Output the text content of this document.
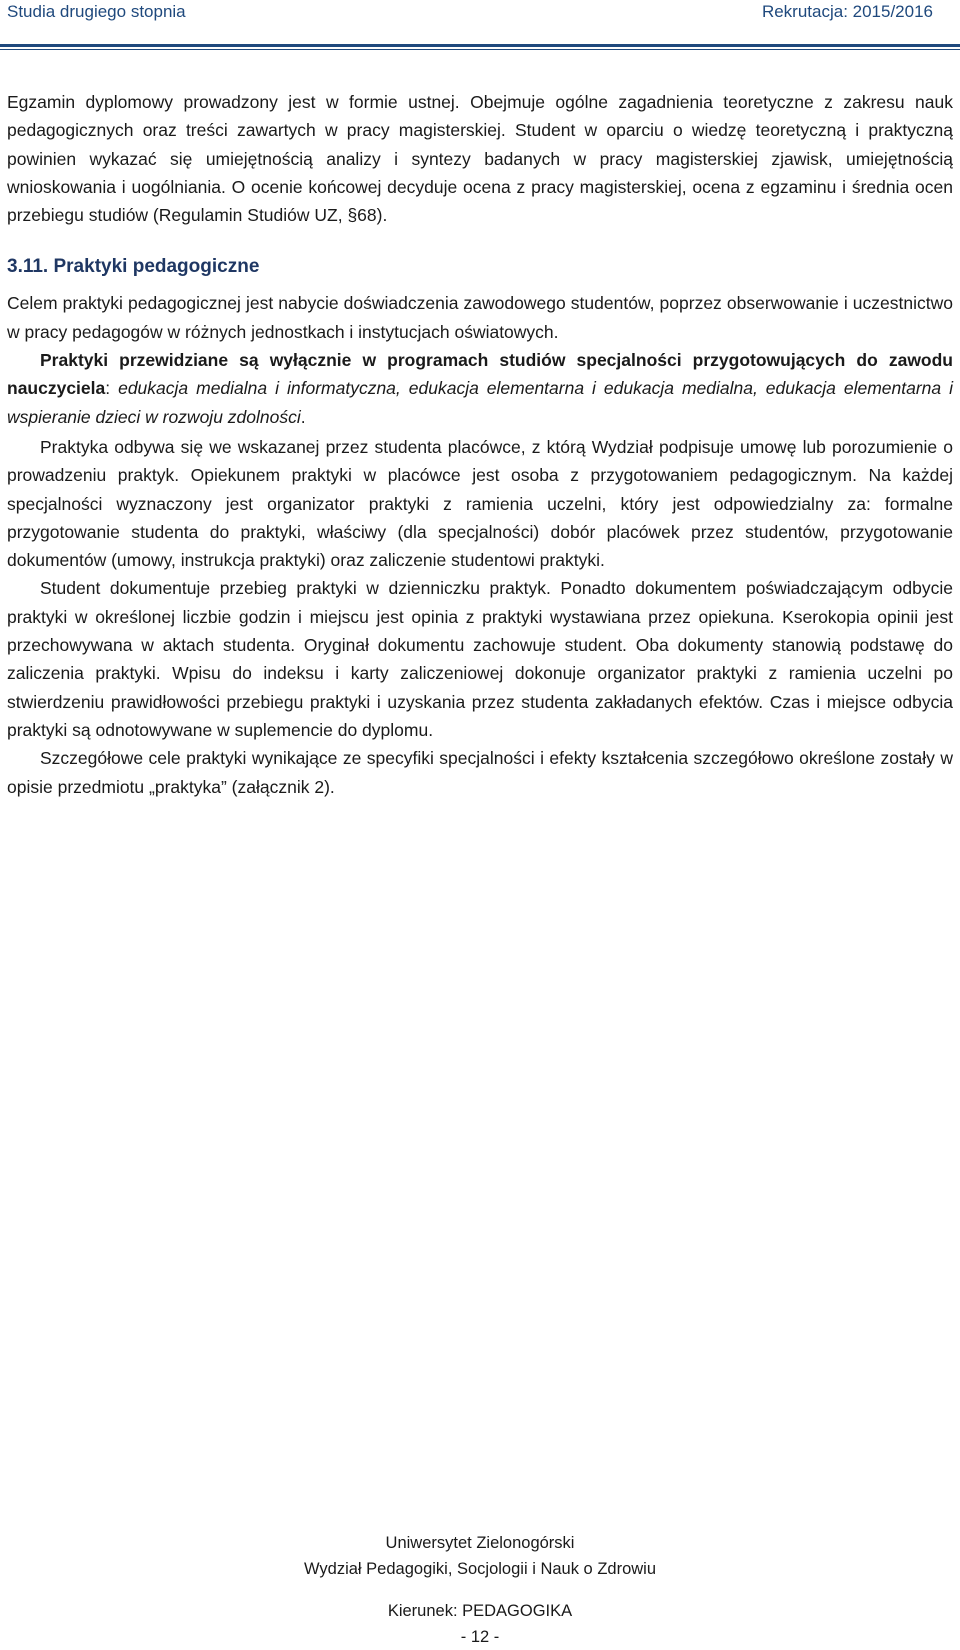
Studia drugiego stopnia	Rekrutacja: 2015/2016

Egzamin dyplomowy prowadzony jest w formie ustnej. Obejmuje ogólne zagadnienia teoretyczne z zakresu nauk pedagogicznych oraz treści zawartych w pracy magisterskiej. Student w oparciu o wiedzę teoretyczną i praktyczną powinien wykazać się umiejętnością analizy i syntezy badanych w pracy magisterskiej zjawisk, umiejętnością wnioskowania i uogólniania. O ocenie końcowej decyduje ocena z pracy magisterskiej, ocena z egzaminu i średnia ocen przebiegu studiów (Regulamin Studiów UZ, §68).

3.11. Praktyki pedagogiczne

Celem praktyki pedagogicznej jest nabycie doświadczenia zawodowego studentów, poprzez obserwowanie i uczestnictwo w pracy pedagogów w różnych jednostkach i instytucjach oświatowych.

Praktyki przewidziane są wyłącznie w programach studiów specjalności przygotowujących do zawodu nauczyciela: edukacja medialna i informatyczna, edukacja elementarna i edukacja medialna, edukacja elementarna i wspieranie dzieci w rozwoju zdolności.

Praktyka odbywa się we wskazanej przez studenta placówce, z którą Wydział podpisuje umowę lub porozumienie o prowadzeniu praktyk. Opiekunem praktyki w placówce jest osoba z przygotowaniem pedagogicznym. Na każdej specjalności wyznaczony jest organizator praktyki z ramienia uczelni, który jest odpowiedzialny za: formalne przygotowanie studenta do praktyki, właściwy (dla specjalności) dobór placówek przez studentów, przygotowanie dokumentów (umowy, instrukcja praktyki) oraz zaliczenie studentowi praktyki.

Student dokumentuje przebieg praktyki w dzienniczku praktyk. Ponadto dokumentem poświadczającym odbycie praktyki w określonej liczbie godzin i miejscu jest opinia z praktyki wystawiana przez opiekuna. Kserokopia opinii jest przechowywana w aktach studenta. Oryginał dokumentu zachowuje student. Oba dokumenty stanowią podstawę do zaliczenia praktyki. Wpisu do indeksu i karty zaliczeniowej dokonuje organizator praktyki z ramienia uczelni po stwierdzeniu prawidłowości przebiegu praktyki i uzyskania przez studenta zakładanych efektów. Czas i miejsce odbycia praktyki są odnotowywane w suplemencie do dyplomu.

Szczegółowe cele praktyki wynikające ze specyfiki specjalności i efekty kształcenia szczegółowo określone zostały w opisie przedmiotu „praktyka” (załącznik 2).

Uniwersytet Zielonogórski
Wydział Pedagogiki, Socjologii i Nauk o Zdrowiu
Kierunek: PEDAGOGIKA
- 12 -
